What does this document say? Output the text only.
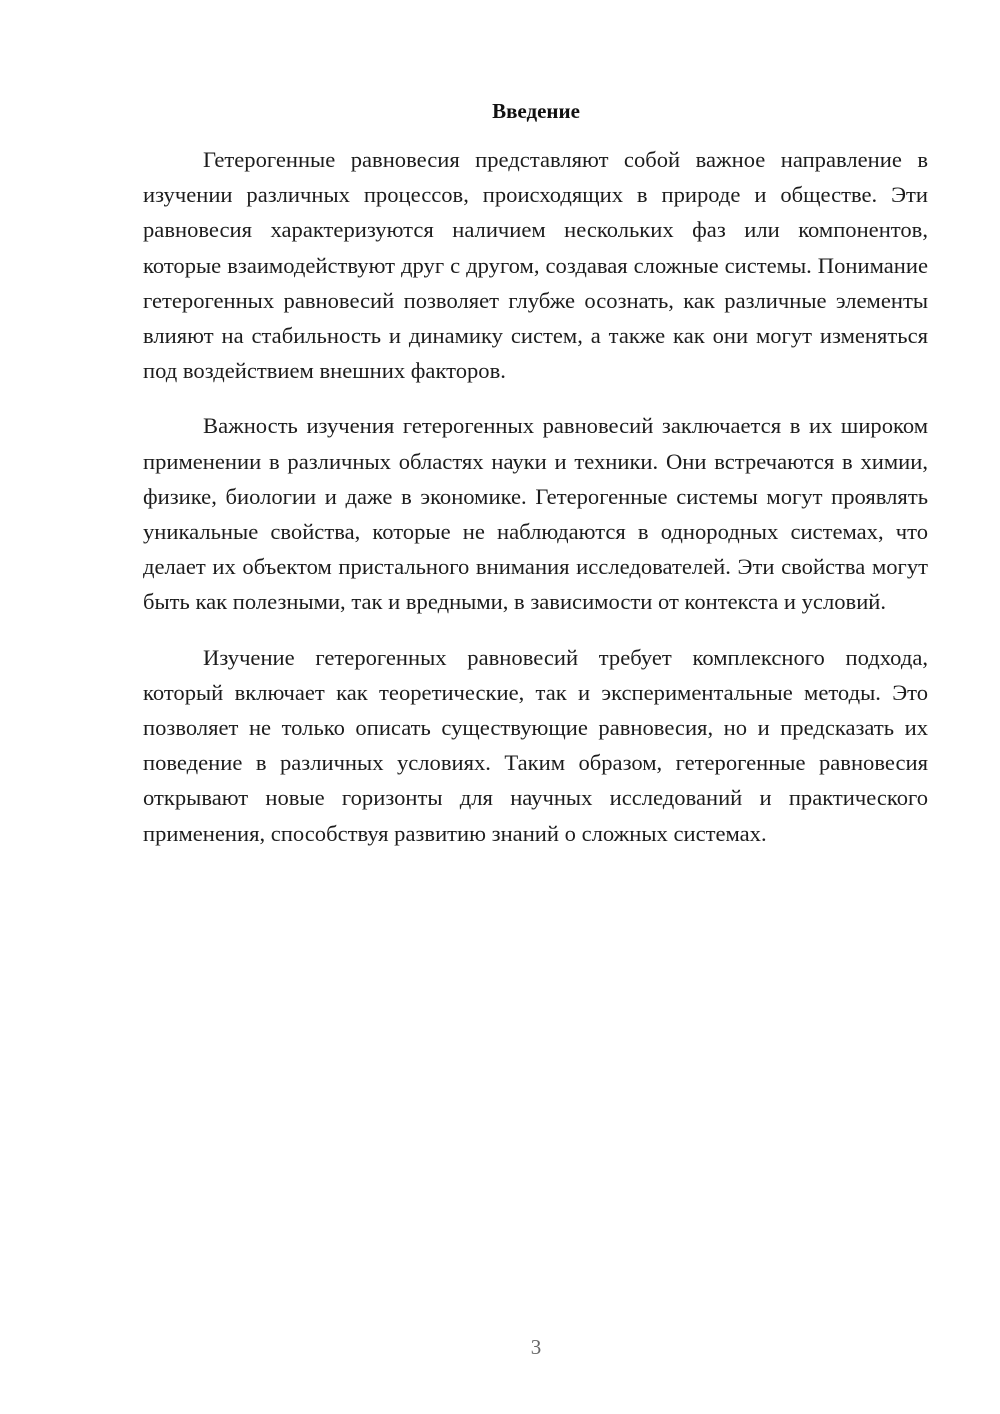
Введение

Гетерогенные равновесия представляют собой важное направление в изучении различных процессов, происходящих в природе и обществе. Эти равновесия характеризуются наличием нескольких фаз или компонентов, которые взаимодействуют друг с другом, создавая сложные системы. Понимание гетерогенных равновесий позволяет глубже осознать, как различные элементы влияют на стабильность и динамику систем, а также как они могут изменяться под воздействием внешних факторов.

Важность изучения гетерогенных равновесий заключается в их широком применении в различных областях науки и техники. Они встречаются в химии, физике, биологии и даже в экономике. Гетерогенные системы могут проявлять уникальные свойства, которые не наблюдаются в однородных системах, что делает их объектом пристального внимания исследователей. Эти свойства могут быть как полезными, так и вредными, в зависимости от контекста и условий.

Изучение гетерогенных равновесий требует комплексного подхода, который включает как теоретические, так и экспериментальные методы. Это позволяет не только описать существующие равновесия, но и предсказать их поведение в различных условиях. Таким образом, гетерогенные равновесия открывают новые горизонты для научных исследований и практического применения, способствуя развитию знаний о сложных системах.

3
